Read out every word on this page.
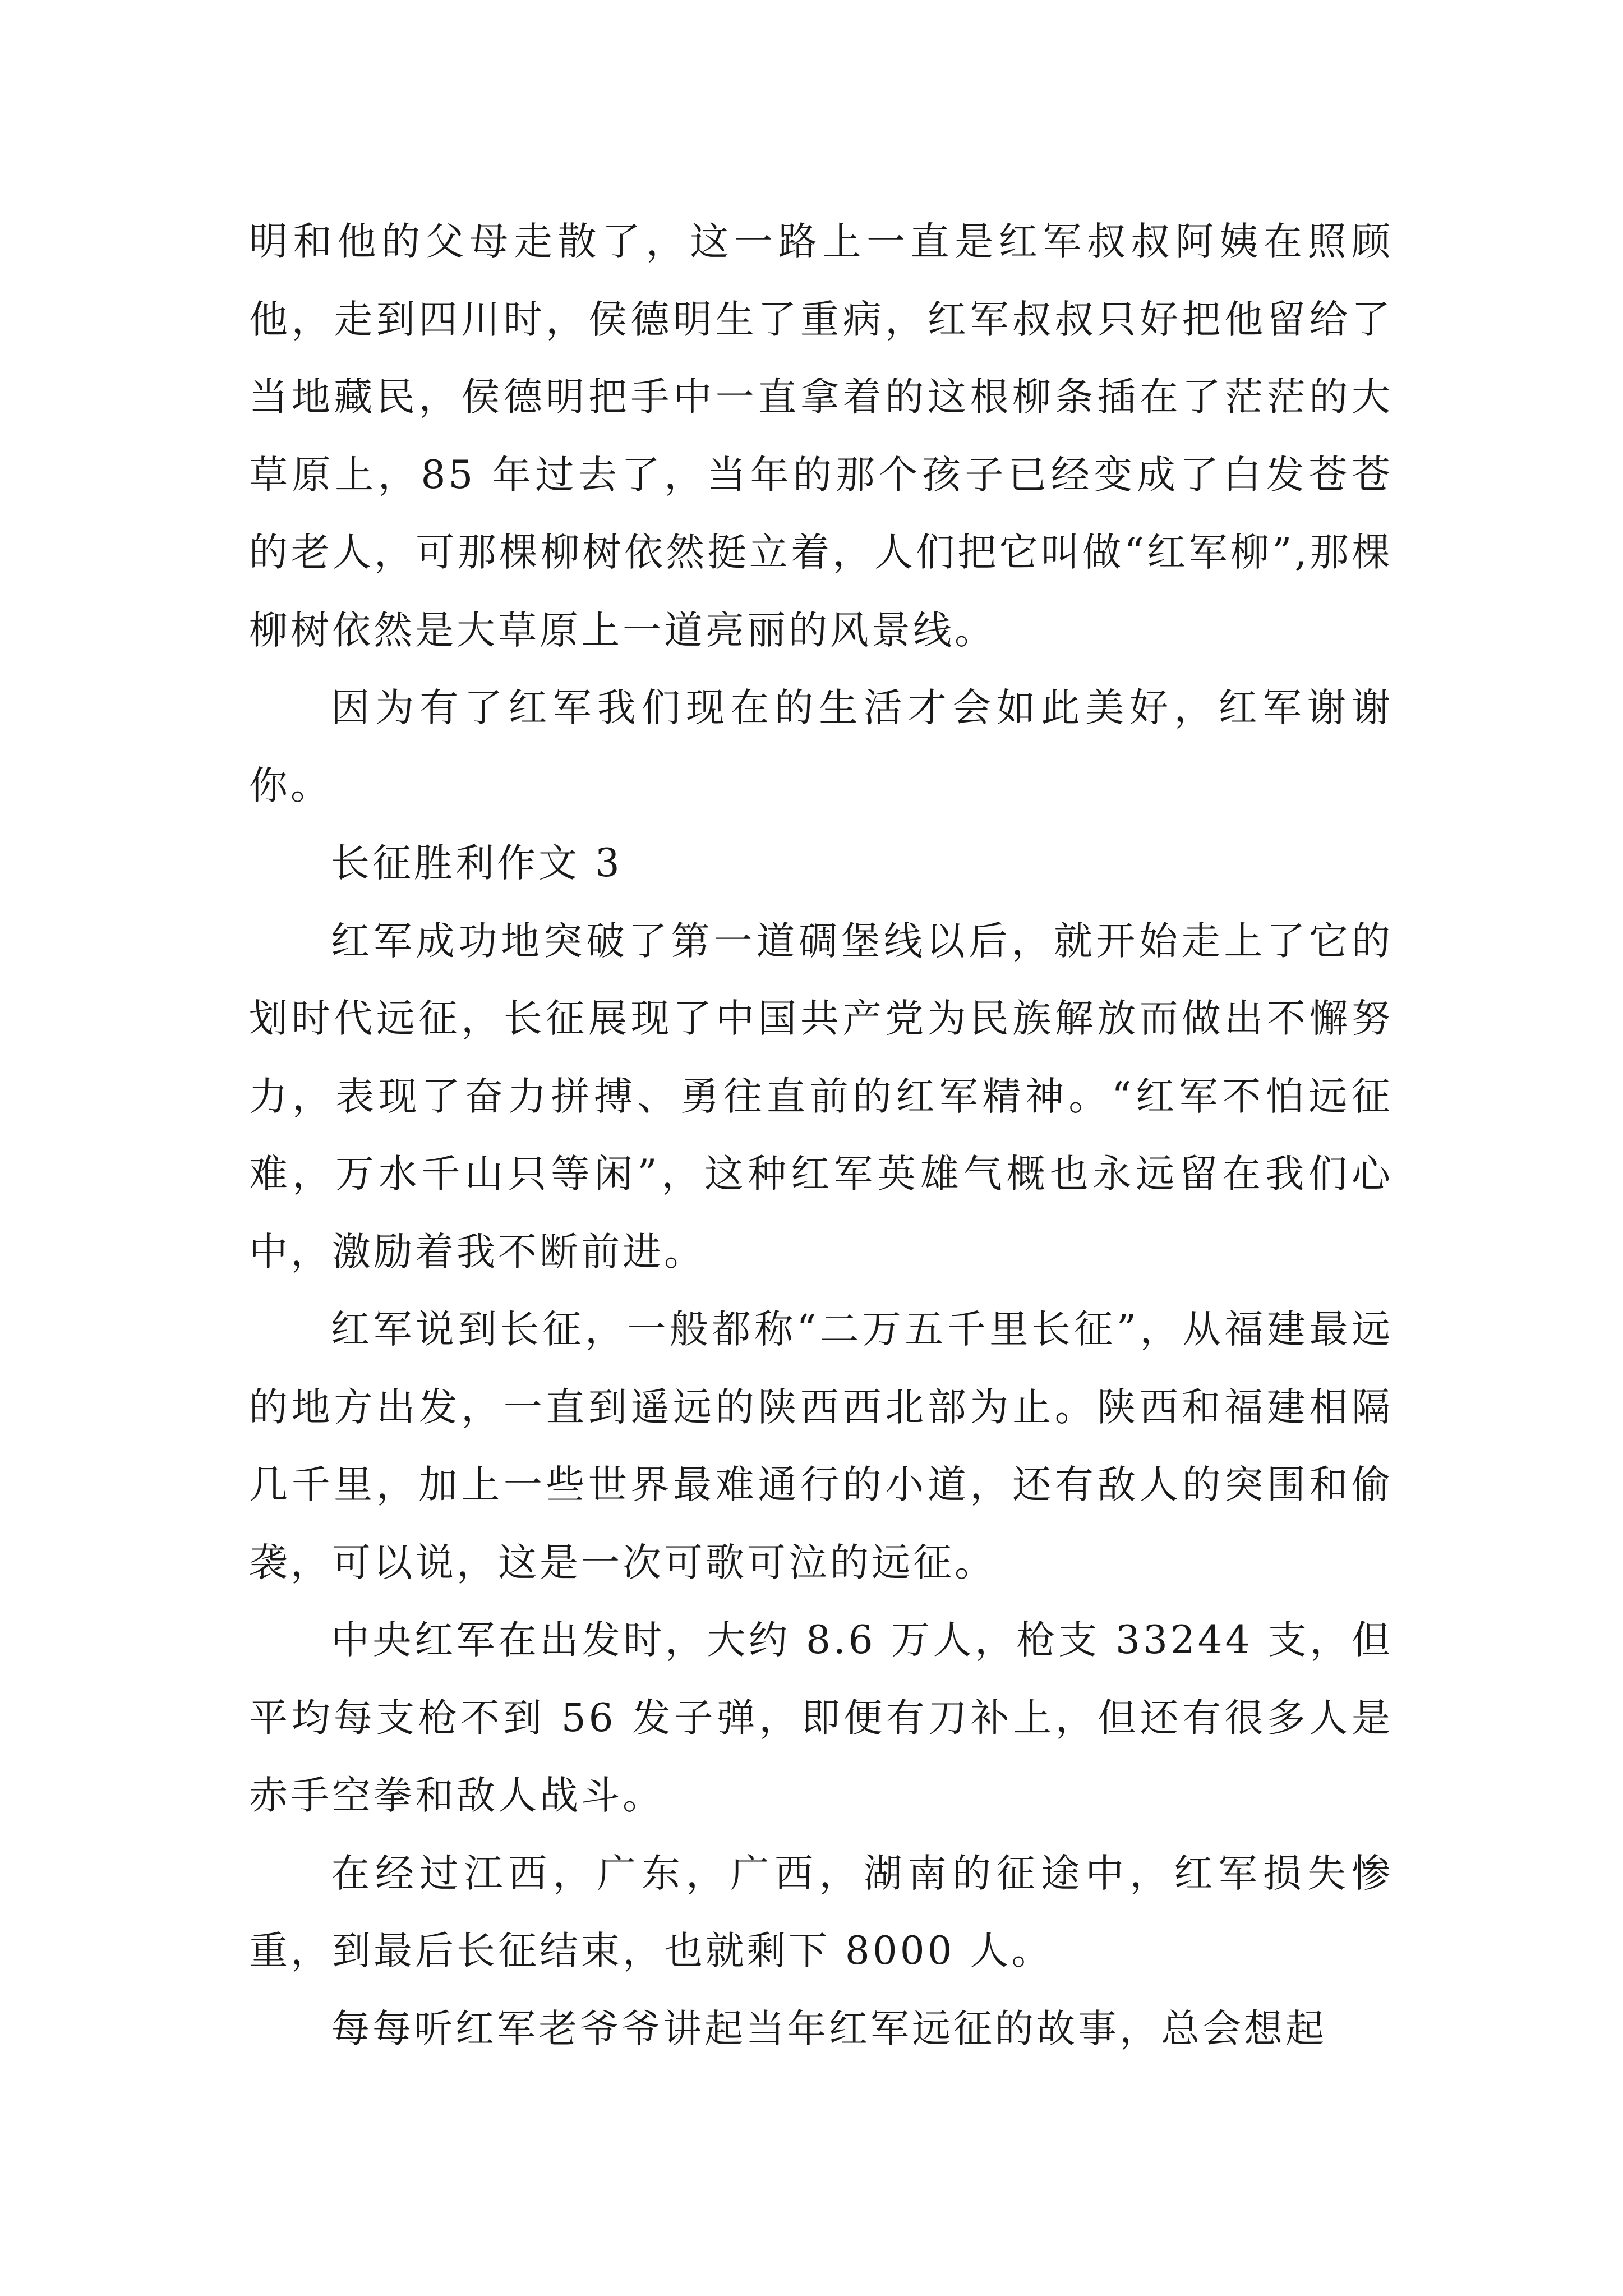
明和他的父母走散了，这一路上一直是红军叔叔阿姨在照顾他，走到四川时，侯德明生了重病，红军叔叔只好把他留给了当地藏民，侯德明把手中一直拿着的这根柳条插在了茫茫的大草原上，85 年过去了，当年的那个孩子已经变成了白发苍苍的老人，可那棵柳树依然挺立着，人们把它叫做“红军柳”,那棵柳树依然是大草原上一道亮丽的风景线。

因为有了红军我们现在的生活才会如此美好，红军谢谢你。

长征胜利作文 3

红军成功地突破了第一道碉堡线以后，就开始走上了它的划时代远征，长征展现了中国共产党为民族解放而做出不懈努力，表现了奋力拼搏、勇往直前的红军精神。“红军不怕远征难，万水千山只等闲”，这种红军英雄气概也永远留在我们心中，激励着我不断前进。

红军说到长征，一般都称“二万五千里长征”，从福建最远的地方出发，一直到遥远的陕西西北部为止。陕西和福建相隔几千里，加上一些世界最难通行的小道，还有敌人的突围和偷袭，可以说，这是一次可歌可泣的远征。

中央红军在出发时，大约 8.6 万人，枪支 33244 支，但平均每支枪不到 56 发子弹，即便有刀补上，但还有很多人是赤手空拳和敌人战斗。

在经过江西，广东，广西，湖南的征途中，红军损失惨重，到最后长征结束，也就剩下 8000 人。

每每听红军老爷爷讲起当年红军远征的故事，总会想起
